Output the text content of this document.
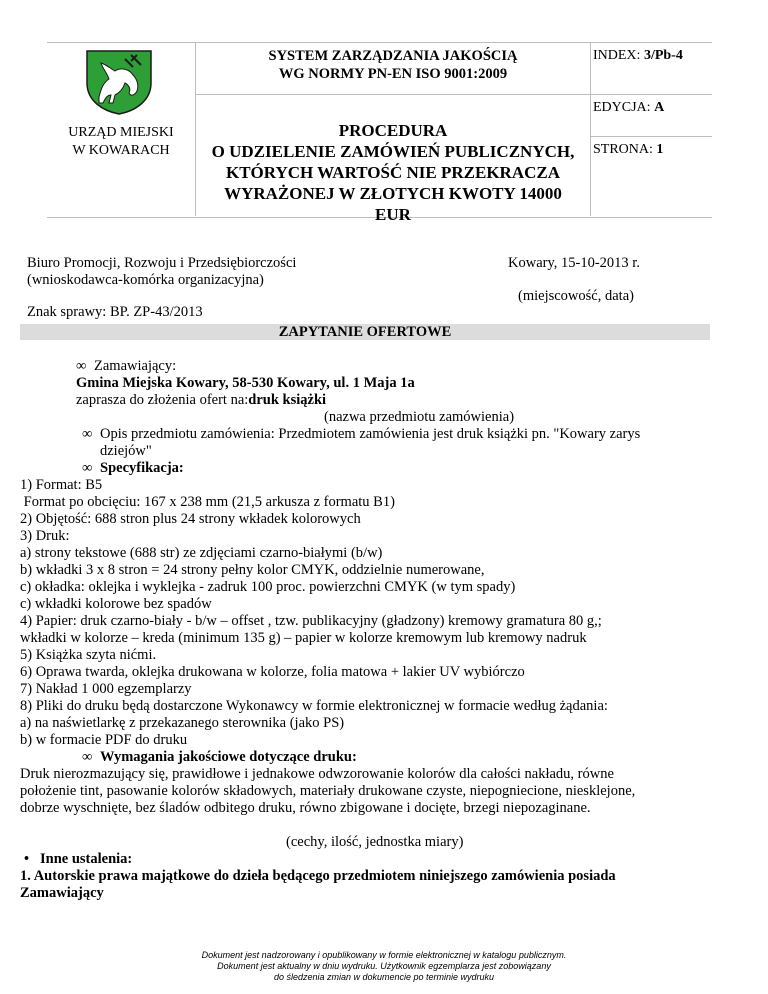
SYSTEM ZARZĄDZANIA JAKOŚCIĄ
WG NORMY PN-EN ISO 9001:2009
INDEX: 3/Pb-4
EDYCJA: A
STRONA: 1
URZĄD MIEJSKI
W KOWARACH
PROCEDURA
O UDZIELENIE ZAMÓWIEŃ PUBLICZNYCH,
KTÓRYCH WARTOŚĆ NIE PRZEKRACZA
WYRAŻONEJ W ZŁOTYCH KWOTY 14000
EUR
Biuro Promocji, Rozwoju i Przedsiębiorczości
(wnioskodawca-komórka organizacyjna)
Kowary, 15-10-2013 r.
(miejscowość, data)
Znak sprawy: BP. ZP-43/2013
ZAPYTANIE OFERTOWE
∞ Zamawiający:
Gmina Miejska Kowary, 58-530 Kowary, ul. 1 Maja 1a
zaprasza do złożenia ofert na:druk książki
(nazwa przedmiotu zamówienia)
∞ Opis przedmiotu zamówienia: Przedmiotem zamówienia jest druk książki pn. "Kowary zarys
dziejów"
∞ Specyfikacja:
1) Format: B5
Format po obcięciu: 167 x 238 mm (21,5 arkusza z formatu B1)
2) Objętość: 688 stron plus 24 strony wkładek kolorowych
3) Druk:
a) strony tekstowe (688 str) ze zdjęciami czarno-białymi (b/w)
b) wkładki 3 x 8 stron = 24 strony pełny kolor CMYK, oddzielnie numerowane,
c) okładka: oklejka i wyklejka - zadruk 100 proc. powierzchni CMYK (w tym spady)
c) wkładki kolorowe bez spadów
4) Papier: druk czarno-biały - b/w – offset , tzw. publikacyjny (gładzony) kremowy gramatura 80 g,;
wkładki w kolorze – kreda (minimum 135 g) – papier w kolorze kremowym lub kremowy nadruk
5) Książka szyta nićmi.
6) Oprawa twarda, oklejka drukowana w kolorze, folia matowa + lakier UV wybiórczo
7) Nakład 1 000 egzemplarzy
8) Pliki do druku będą dostarczone Wykonawcy w formie elektronicznej w formacie według żądania:
a) na naświetlarkę z przekazanego sterownika (jako PS)
b) w formacie PDF do druku
∞ Wymagania jakościowe dotyczące druku:
Druk nierozmazujący się, prawidłowe i jednakowe odwzorowanie kolorów dla całości nakładu, równe
położenie tint, pasowanie kolorów składowych, materiały drukowane czyste, niepogniecione, niesklejone,
dobrze wyschnięte, bez śladów odbitego druku, równo zbigowane i docięte, brzegi niepozaginane.
(cechy, ilość, jednostka miary)
• Inne ustalenia:
1. Autorskie prawa majątkowe do dzieła będącego przedmiotem niniejszego zamówienia posiada
Zamawiający
Dokument jest nadzorowany i opublikowany w formie elektronicznej w katalogu publicznym.
Dokument jest aktualny w dniu wydruku. Użytkownik egzemplarza jest zobowiązany
do śledzenia zmian w dokumencie po terminie wydruku
